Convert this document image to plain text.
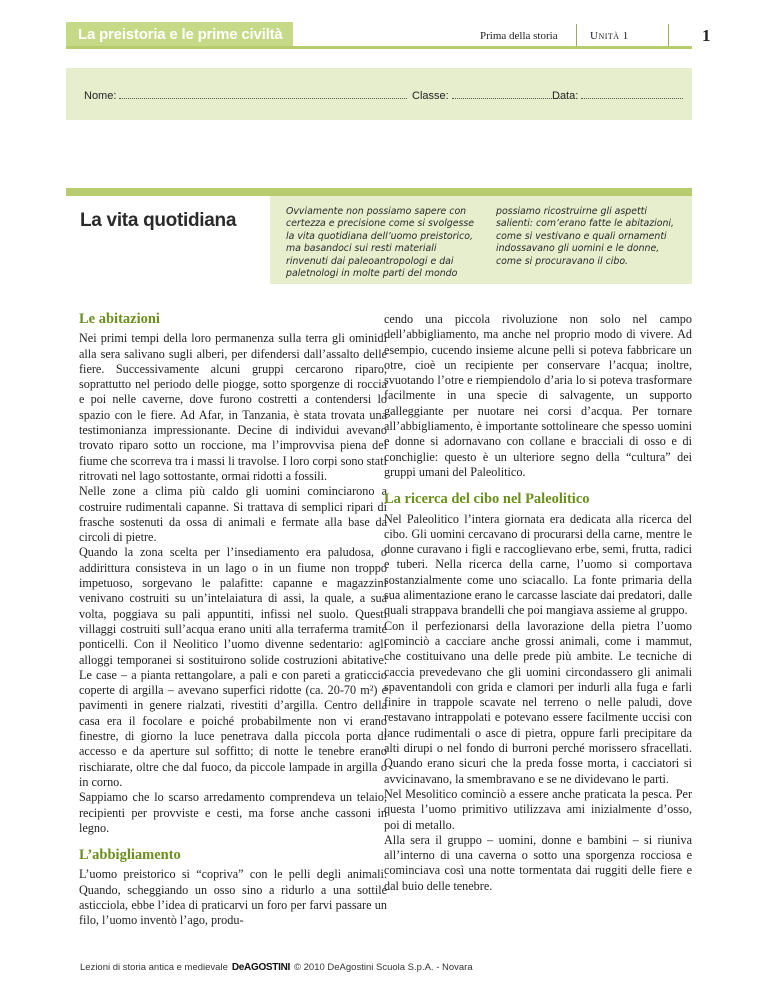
La preistoria e le prime civiltà	Prima della storia	Unità 1	1
Nome:	Classe:	Data:
La vita quotidiana	Ovviamente non possiamo sapere con certezza e precisione come si svolgesse la vita quotidiana dell’uomo preistorico, ma basandoci sui resti materiali rinvenuti dai paleoantropologi e dai paletnologi in molte parti del mondo

possiamo ricostruirne gli aspetti salienti: com’erano fatte le abitazioni, come si vestivano e quali ornamenti indossavano gli uomini e le donne, come si procuravano il cibo.

Le abitazioni

Nei primi tempi della loro permanenza sulla terra gli ominidi alla sera salivano sugli alberi, per difendersi dall’assalto delle fiere. Successivamente alcuni gruppi cercarono riparo, soprattutto nel periodo delle piogge, sotto sporgenze di roccia e poi nelle caverne, dove furono costretti a contendersi lo spazio con le fiere. Ad Afar, in Tanzania, è stata trovata una testimonianza impressionante. Decine di individui avevano trovato riparo sotto un roccione, ma l’improvvisa piena del fiume che scorreva tra i massi li travolse. I loro corpi sono stati ritrovati nel lago sottostante, ormai ridotti a fossili.
Nelle zone a clima più caldo gli uomini cominciarono a costruire rudimentali capanne. Si trattava di semplici ripari di frasche sostenuti da ossa di animali e fermate alla base da circoli di pietre.
Quando la zona scelta per l’insediamento era paludosa, o addirittura consisteva in un lago o in un fiume non troppo impetuoso, sorgevano le palafitte: capanne e magazzini venivano costruiti su un’intelaiatura di assi, la quale, a sua volta, poggiava su pali appuntiti, infissi nel suolo. Questi villaggi costruiti sull’acqua erano uniti alla terraferma tramite ponticelli. Con il Neolitico l’uomo divenne sedentario: agli alloggi temporanei si sostituirono solide costruzioni abitative. Le case – a pianta rettangolare, a pali e con pareti a graticcio coperte di argilla – avevano superfici ridotte (ca. 20-70 m²) e pavimenti in genere rialzati, rivestiti d’argilla. Centro della casa era il focolare e poiché probabilmente non vi erano finestre, di giorno la luce penetrava dalla piccola porta di accesso e da aperture sul soffitto; di notte le tenebre erano rischiarate, oltre che dal fuoco, da piccole lampade in argilla o in corno.
Sappiamo che lo scarso arredamento comprendeva un telaio, recipienti per provviste e cesti, ma forse anche cassoni in legno.

L’abbigliamento

L’uomo preistorico si “copriva” con le pelli degli animali. Quando, scheggiando un osso sino a ridurlo a una sottile asticciola, ebbe l’idea di praticarvi un foro per farvi passare un filo, l’uomo inventò l’ago, produ-

cendo una piccola rivoluzione non solo nel campo dell’abbigliamento, ma anche nel proprio modo di vivere. Ad esempio, cucendo insieme alcune pelli si poteva fabbricare un otre, cioè un recipiente per conservare l’acqua; inoltre, svuotando l’otre e riempiendolo d’aria lo si poteva trasformare facilmente in una specie di salvagente, un supporto galleggiante per nuotare nei corsi d’acqua. Per tornare all’abbigliamento, è importante sottolineare che spesso uomini e donne si adornavano con collane e bracciali di osso e di conchiglie: questo è un ulteriore segno della “cultura” dei gruppi umani del Paleolitico.

La ricerca del cibo nel Paleolitico

Nel Paleolitico l’intera giornata era dedicata alla ricerca del cibo. Gli uomini cercavano di procurarsi della carne, mentre le donne curavano i figli e raccoglievano erbe, semi, frutta, radici e tuberi. Nella ricerca della carne, l’uomo si comportava sostanzialmente come uno sciacallo. La fonte primaria della sua alimentazione erano le carcasse lasciate dai predatori, dalle quali strappava brandelli che poi mangiava assieme al gruppo.
Con il perfezionarsi della lavorazione della pietra l’uomo cominciò a cacciare anche grossi animali, come i mammut, che costituivano una delle prede più ambite. Le tecniche di caccia prevedevano che gli uomini circondassero gli animali spaventandoli con grida e clamori per indurli alla fuga e farli finire in trappole scavate nel terreno o nelle paludi, dove restavano intrappolati e potevano essere facilmente uccisi con lance rudimentali o asce di pietra, oppure farli precipitare da alti dirupi o nel fondo di burroni perché morissero sfracellati. Quando erano sicuri che la preda fosse morta, i cacciatori si avvicinavano, la smembravano e se ne dividevano le parti.
Nel Mesolitico cominciò a essere anche praticata la pesca. Per questa l’uomo primitivo utilizzava ami inizialmente d’osso, poi di metallo.
Alla sera il gruppo – uomini, donne e bambini – si riuniva all’interno di una caverna o sotto una sporgenza rocciosa e cominciava così una notte tormentata dai ruggiti delle fiere e dal buio delle tenebre.

Lezioni di storia antica e medievale DeAGOSTINI © 2010 DeAgostini Scuola S.p.A. - Novara
